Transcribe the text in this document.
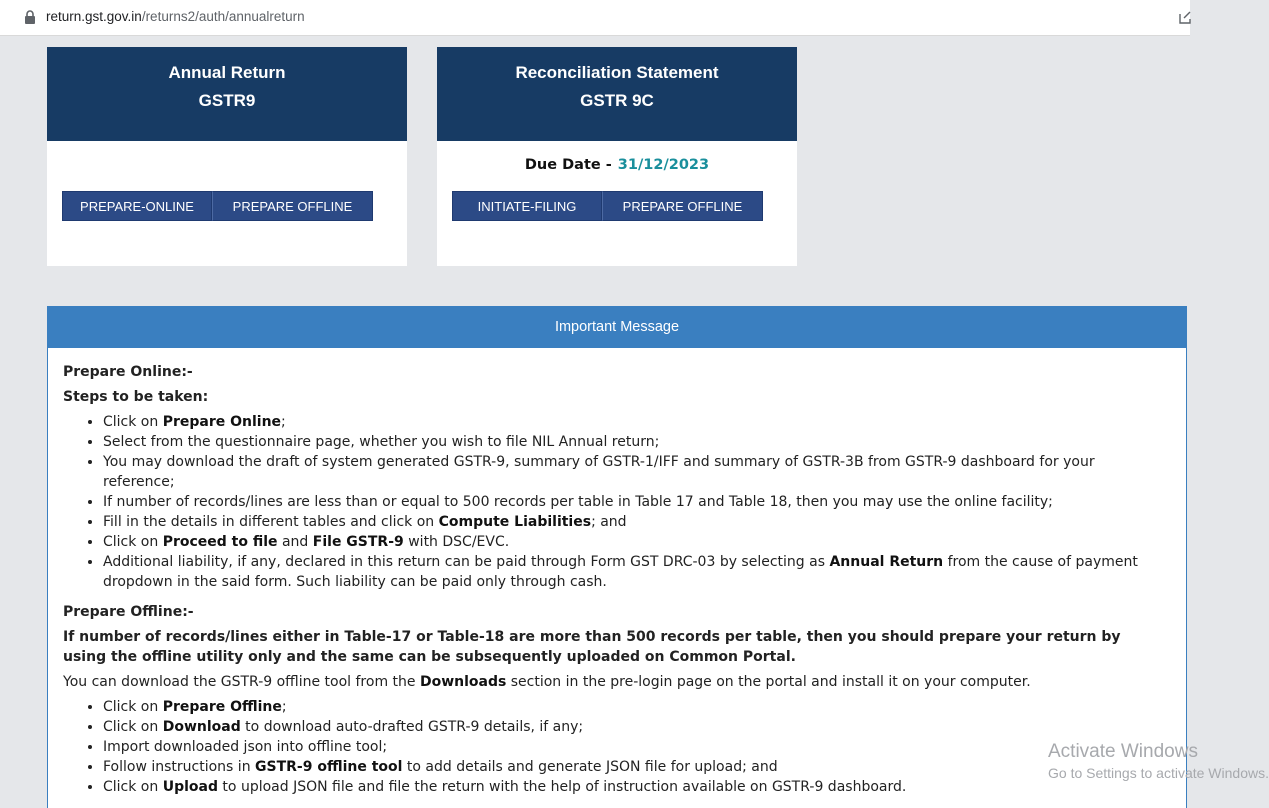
return.gst.gov.in/returns2/auth/annualreturn
Annual Return
GSTR9
PREPARE-ONLINE	PREPARE OFFLINE
Reconciliation Statement
GSTR 9C
Due Date - 31/12/2023
INITIATE-FILING	PREPARE OFFLINE
Important Message

Prepare Online:-

Steps to be taken:

• Click on Prepare Online;
• Select from the questionnaire page, whether you wish to file NIL Annual return;
• You may download the draft of system generated GSTR-9, summary of GSTR-1/IFF and summary of GSTR-3B from GSTR-9 dashboard for your reference;
• If number of records/lines are less than or equal to 500 records per table in Table 17 and Table 18, then you may use the online facility;
• Fill in the details in different tables and click on Compute Liabilities; and
• Click on Proceed to file and File GSTR-9 with DSC/EVC.
• Additional liability, if any, declared in this return can be paid through Form GST DRC-03 by selecting as Annual Return from the cause of payment dropdown in the said form. Such liability can be paid only through cash.

Prepare Offline:-

If number of records/lines either in Table-17 or Table-18 are more than 500 records per table, then you should prepare your return by using the offline utility only and the same can be subsequently uploaded on Common Portal.

You can download the GSTR-9 offline tool from the Downloads section in the pre-login page on the portal and install it on your computer.

• Click on Prepare Offline;
• Click on Download to download auto-drafted GSTR-9 details, if any;
• Import downloaded json into offline tool;
• Follow instructions in GSTR-9 offline tool to add details and generate JSON file for upload; and
• Click on Upload to upload JSON file and file the return with the help of instruction available on GSTR-9 dashboard.
Activate Windows
Go to Settings to activate Windows.
